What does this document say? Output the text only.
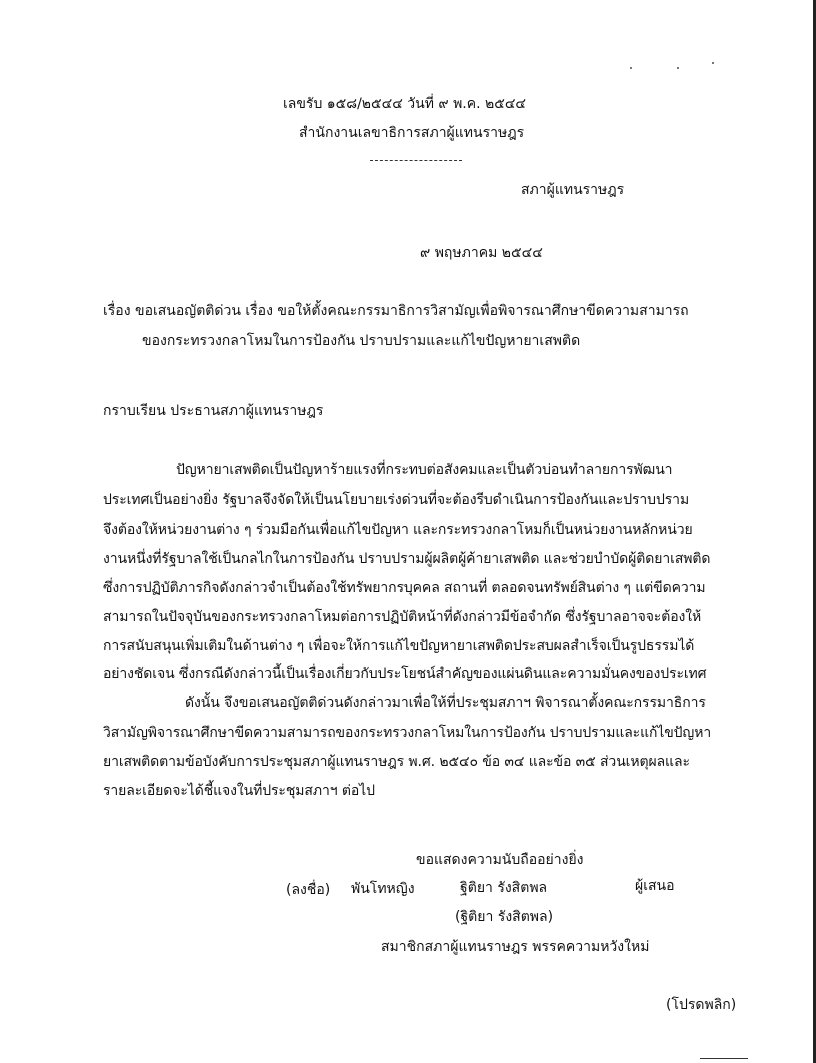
เลขรับ ๑๕๘/๒๕๔๔ วันที่ ๙ พ.ค. ๒๕๔๔
สำนักงานเลขาธิการสภาผู้แทนราษฎร
สภาผู้แทนราษฎร
๙ พฤษภาคม ๒๕๔๔
เรื่อง ขอเสนอญัตติด่วน เรื่อง ขอให้ตั้งคณะกรรมาธิการวิสามัญเพื่อพิจารณาศึกษาขีดความสามารถ
ของกระทรวงกลาโหมในการป้องกัน ปราบปรามและแก้ไขปัญหายาเสพติด
กราบเรียน ประธานสภาผู้แทนราษฎร
ปัญหายาเสพติดเป็นปัญหาร้ายแรงที่กระทบต่อสังคมและเป็นตัวบ่อนทำลายการพัฒนา
ประเทศเป็นอย่างยิ่ง รัฐบาลจึงจัดให้เป็นนโยบายเร่งด่วนที่จะต้องรีบดำเนินการป้องกันและปราบปราม
จึงต้องให้หน่วยงานต่าง ๆ ร่วมมือกันเพื่อแก้ไขปัญหา และกระทรวงกลาโหมก็เป็นหน่วยงานหลักหน่วย
งานหนึ่งที่รัฐบาลใช้เป็นกลไกในการป้องกัน ปราบปรามผู้ผลิตผู้ค้ายาเสพติด และช่วยบำบัดผู้ติดยาเสพติด
ซึ่งการปฏิบัติภารกิจดังกล่าวจำเป็นต้องใช้ทรัพยากรบุคคล สถานที่ ตลอดจนทรัพย์สินต่าง ๆ แต่ขีดความ
สามารถในปัจจุบันของกระทรวงกลาโหมต่อการปฏิบัติหน้าที่ดังกล่าวมีข้อจำกัด ซึ่งรัฐบาลอาจจะต้องให้
การสนับสนุนเพิ่มเติมในด้านต่าง ๆ เพื่อจะให้การแก้ไขปัญหายาเสพติดประสบผลสำเร็จเป็นรูปธรรมได้
อย่างชัดเจน ซึ่งกรณีดังกล่าวนี้เป็นเรื่องเกี่ยวกับประโยชน์สำคัญของแผ่นดินและความมั่นคงของประเทศ
ดังนั้น จึงขอเสนอญัตติด่วนดังกล่าวมาเพื่อให้ที่ประชุมสภาฯ พิจารณาตั้งคณะกรรมาธิการ
วิสามัญพิจารณาศึกษาขีดความสามารถของกระทรวงกลาโหมในการป้องกัน ปราบปรามและแก้ไขปัญหา
ยาเสพติดตามข้อบังคับการประชุมสภาผู้แทนราษฎร พ.ศ. ๒๕๔๐ ข้อ ๓๔ และข้อ ๓๕ ส่วนเหตุผลและ
รายละเอียดจะได้ชี้แจงในที่ประชุมสภาฯ ต่อไป
ขอแสดงความนับถืออย่างยิ่ง
(ลงชื่อ) พันโทหญิง	ฐิติยา รังสิตพล	ผู้เสนอ
(ฐิติยา รังสิตพล)
สมาชิกสภาผู้แทนราษฎร พรรคความหวังใหม่
(โปรดพลิก)
